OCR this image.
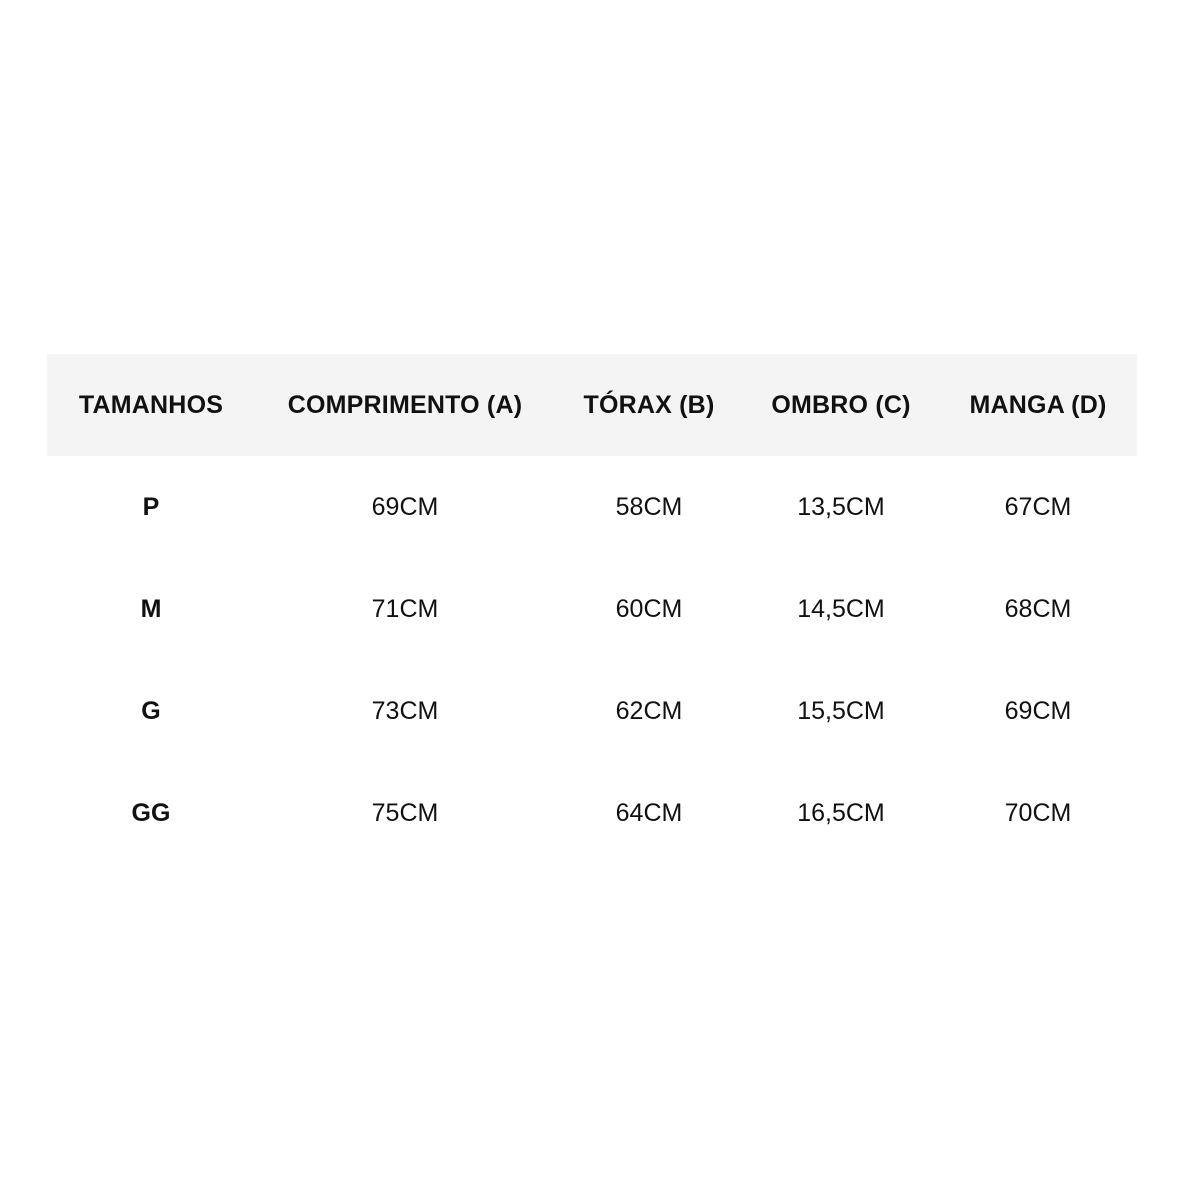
TAMANHOS	COMPRIMENTO (A)	TÓRAX (B)	OMBRO (C)	MANGA (D)
P	69CM	58CM	13,5CM	67CM
M	71CM	60CM	14,5CM	68CM
G	73CM	62CM	15,5CM	69CM
GG	75CM	64CM	16,5CM	70CM
